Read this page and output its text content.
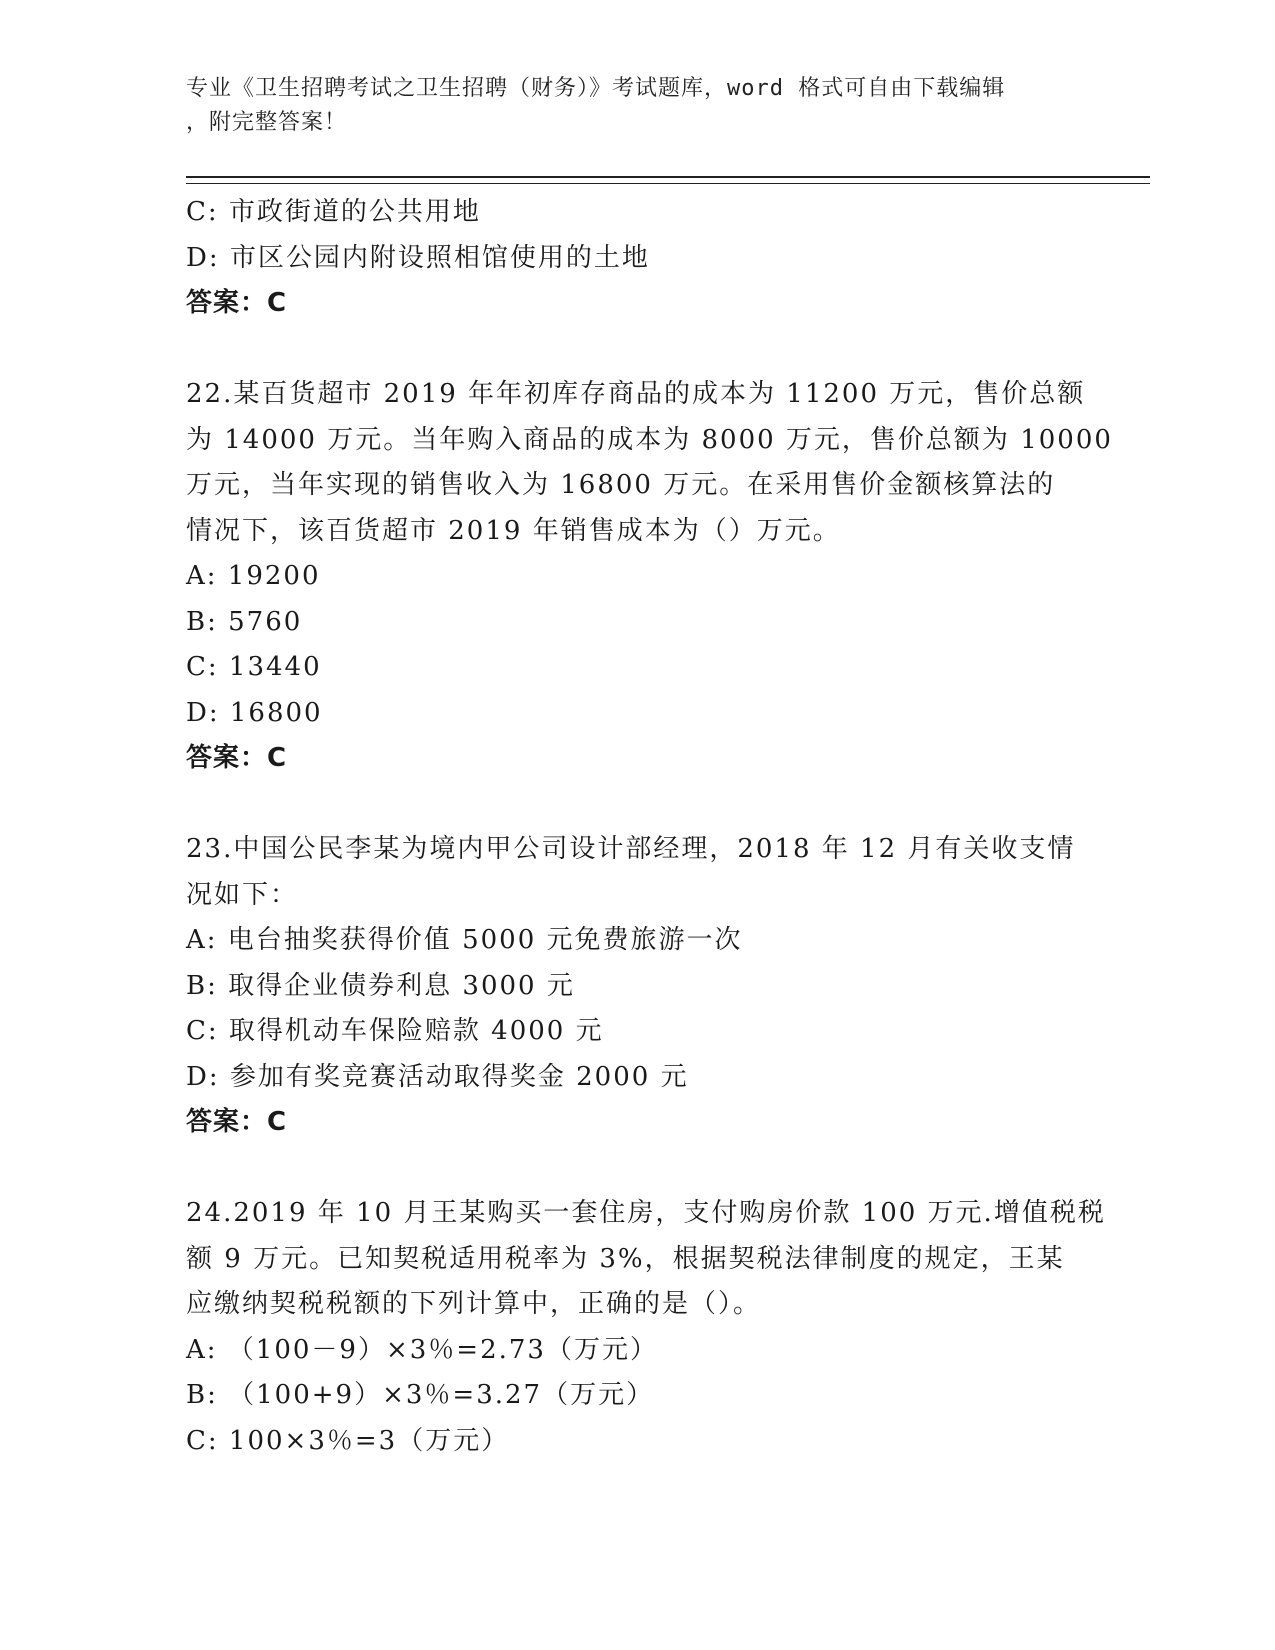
专业《卫生招聘考试之卫生招聘（财务）》考试题库，word 格式可自由下载编辑
，附完整答案！
C: 市政街道的公共用地
D: 市区公园内附设照相馆使用的土地
答案：C
22.某百货超市 2019 年年初库存商品的成本为 11200 万元，售价总额
为 14000 万元。当年购入商品的成本为 8000 万元，售价总额为 10000
万元，当年实现的销售收入为 16800 万元。在采用售价金额核算法的
情况下，该百货超市 2019 年销售成本为（）万元。
A: 19200
B: 5760
C: 13440
D: 16800
答案：C
23.中国公民李某为境内甲公司设计部经理，2018 年 12 月有关收支情
况如下：
A: 电台抽奖获得价值 5000 元免费旅游一次
B: 取得企业债券利息 3000 元
C: 取得机动车保险赔款 4000 元
D: 参加有奖竞赛活动取得奖金 2000 元
答案：C
24.2019 年 10 月王某购买一套住房，支付购房价款 100 万元.增值税税
额 9 万元。已知契税适用税率为 3%，根据契税法律制度的规定，王某
应缴纳契税税额的下列计算中，正确的是（）。
A: （100－9）×3％=2.73（万元）
B: （100+9）×3％=3.27（万元）
C: 100×3％=3（万元）
